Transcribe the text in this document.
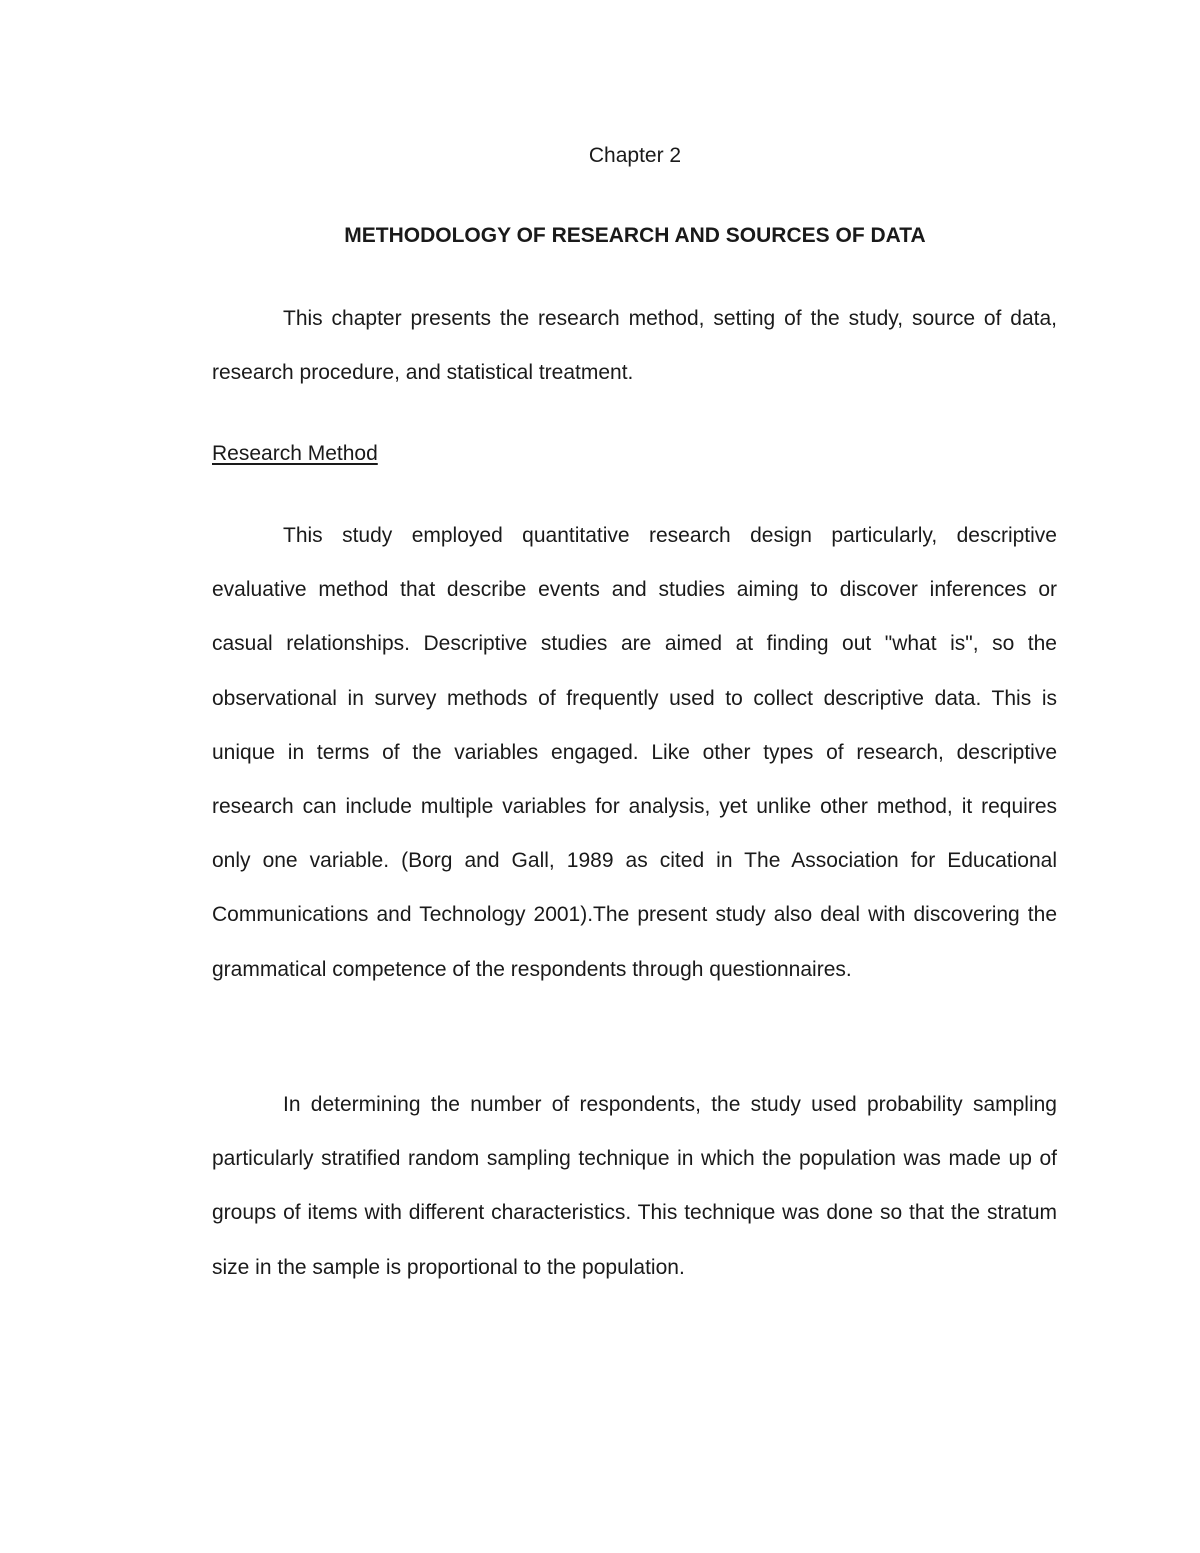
Chapter 2
METHODOLOGY OF RESEARCH AND SOURCES OF DATA

This chapter presents the research method, setting of the study, source of data, research procedure, and statistical treatment.

Research Method

This study employed quantitative research design particularly, descriptive evaluative method that describe events and studies aiming to discover inferences or casual relationships. Descriptive studies are aimed at finding out "what is", so the observational in survey methods of frequently used to collect descriptive data. This is unique in terms of the variables engaged. Like other types of research, descriptive research can include multiple variables for analysis, yet unlike other method, it requires only one variable. (Borg and Gall, 1989 as cited in The Association for Educational Communications and Technology 2001).The present study also deal with discovering the grammatical competence of the respondents through questionnaires.

In determining the number of respondents, the study used probability sampling particularly stratified random sampling technique in which the population was made up of groups of items with different characteristics. This technique was done so that the stratum size in the sample is proportional to the population.
